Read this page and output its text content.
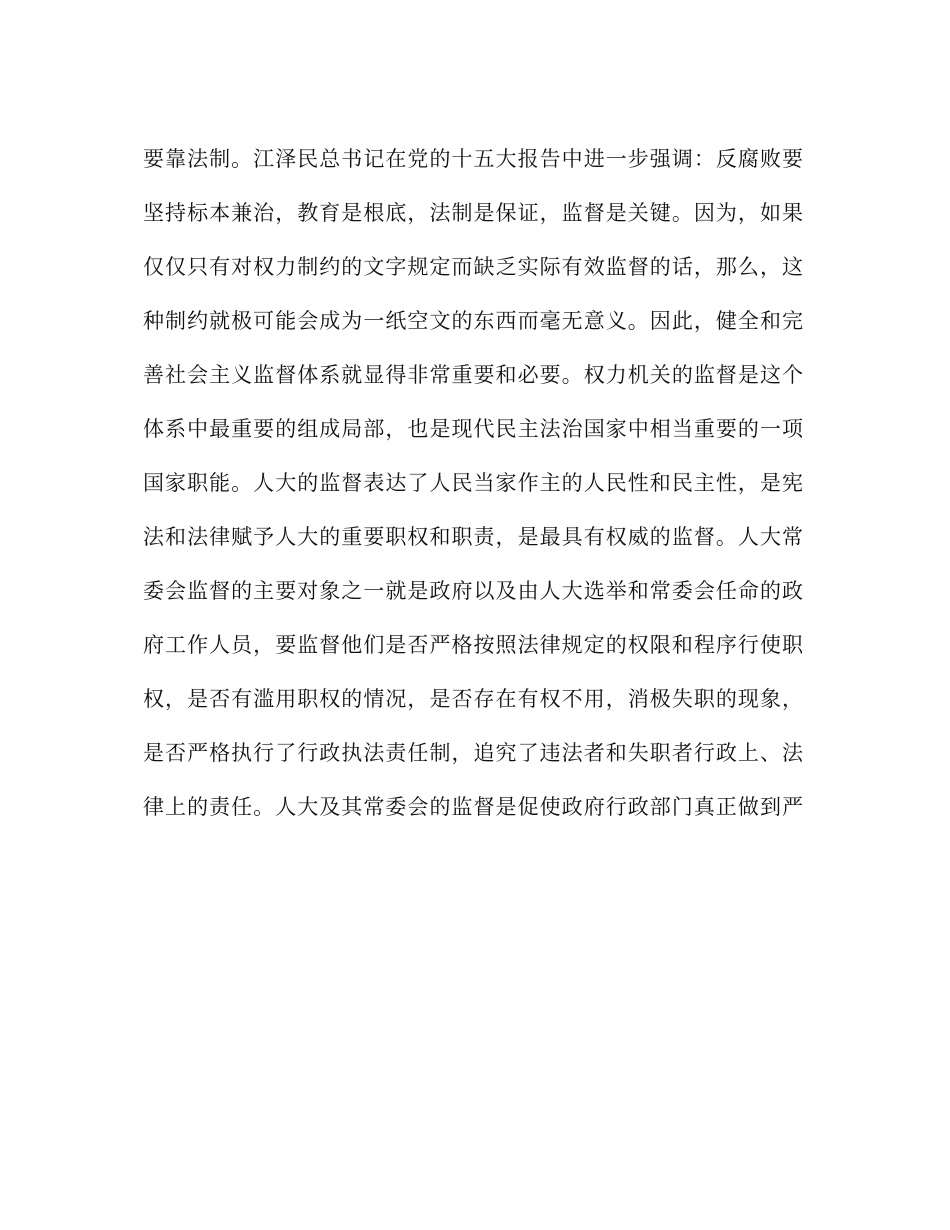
要靠法制。江泽民总书记在党的十五大报告中进一步强调：反腐败要
坚持标本兼治，教育是根底，法制是保证，监督是关键。因为，如果
仅仅只有对权力制约的文字规定而缺乏实际有效监督的话，那么，这
种制约就极可能会成为一纸空文的东西而毫无意义。因此，健全和完
善社会主义监督体系就显得非常重要和必要。权力机关的监督是这个
体系中最重要的组成局部，也是现代民主法治国家中相当重要的一项
国家职能。人大的监督表达了人民当家作主的人民性和民主性，是宪
法和法律赋予人大的重要职权和职责，是最具有权威的监督。人大常
委会监督的主要对象之一就是政府以及由人大选举和常委会任命的政
府工作人员，要监督他们是否严格按照法律规定的权限和程序行使职
权，是否有滥用职权的情况，是否存在有权不用，消极失职的现象，
是否严格执行了行政执法责任制，追究了违法者和失职者行政上、法
律上的责任。人大及其常委会的监督是促使政府行政部门真正做到严
